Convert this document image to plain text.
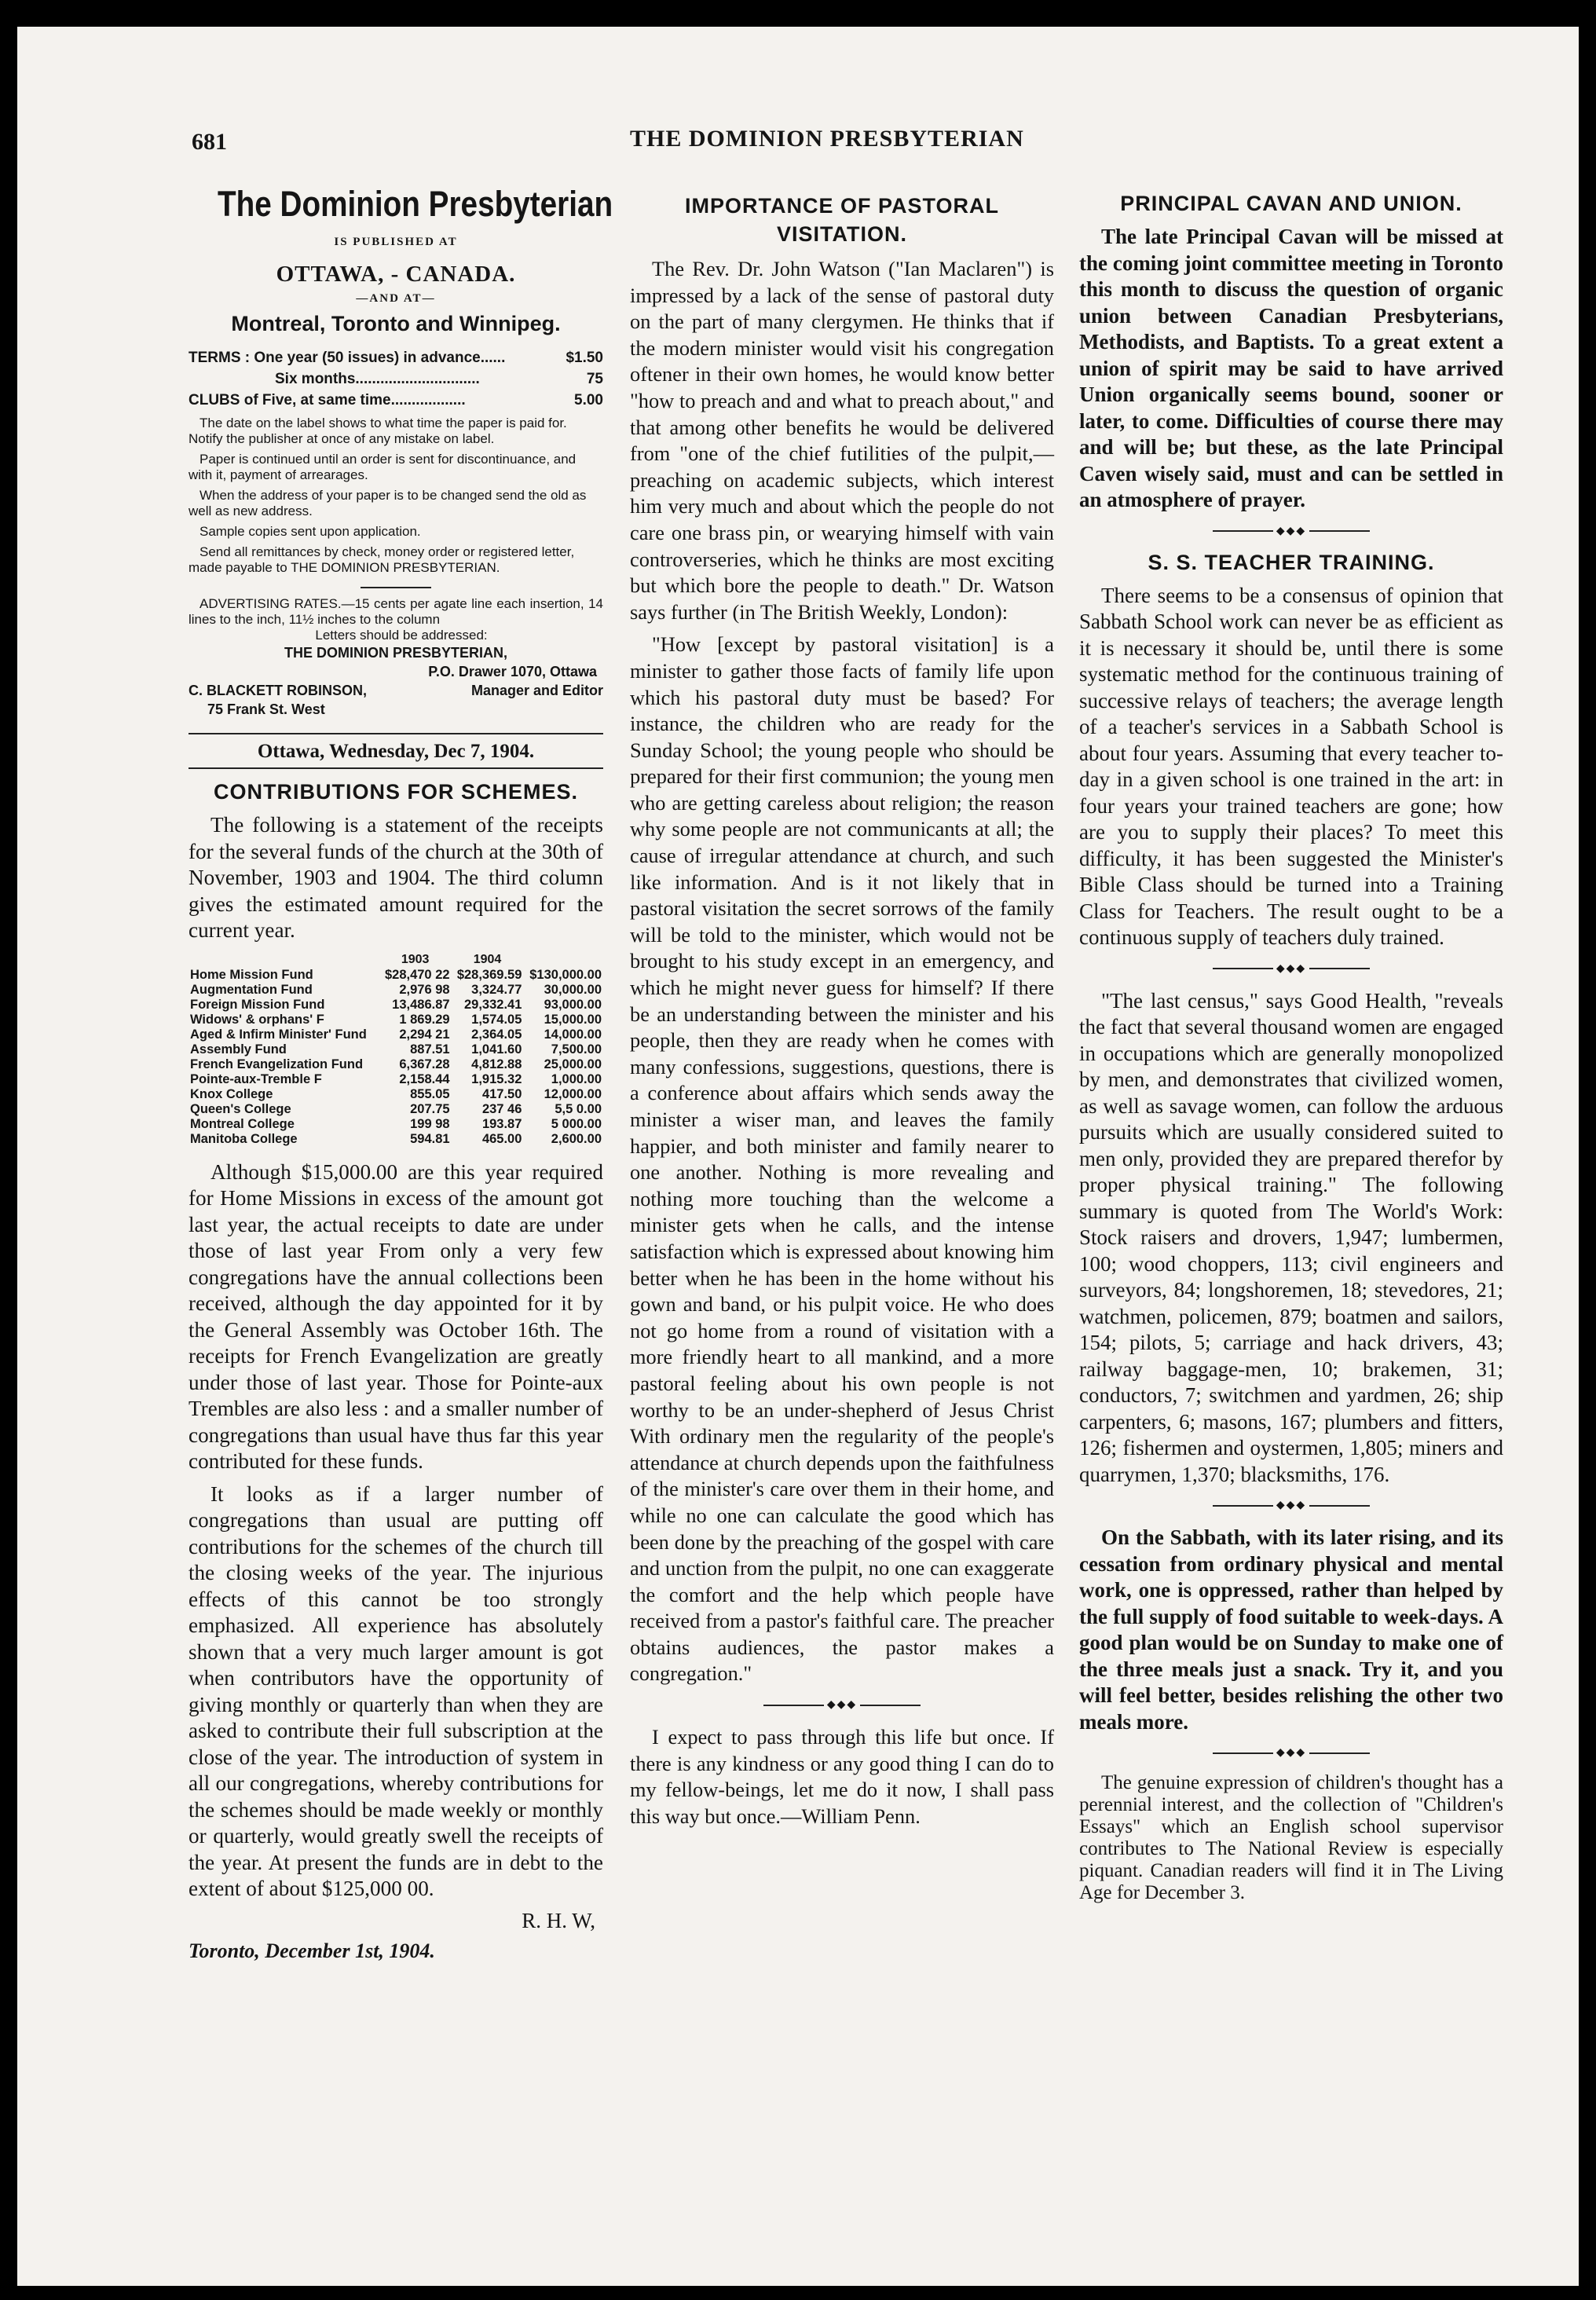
681	THE DOMINION PRESBYTERIAN
The Dominion Presbyterian
IS PUBLISHED AT
OTTAWA, - CANADA.
—AND AT—
Montreal, Toronto and Winnipeg.
TERMS : One year (50 issues) in advance......	$1.50
Six months..............................	75
CLUBS of Five, at same time..................	5.00
The date on the label shows to what time the paper is paid for. Notify the publisher at once of any mistake on label.
Paper is continued until an order is sent for discontinuance, and with it, payment of arrearages.
When the address of your paper is to be changed send the old as well as new address.
Sample copies sent upon application.
Send all remittances by check, money order or registered letter, made payable to THE DOMINION PRESBYTERIAN.
ADVERTISING RATES.—15 cents per agate line each insertion, 14 lines to the inch, 11½ inches to the column
Letters should be addressed:
THE DOMINION PRESBYTERIAN,
P.O. Drawer 1070, Ottawa
C. BLACKETT ROBINSON,	Manager and Editor
75 Frank St. West
Ottawa, Wednesday, Dec 7, 1904.
CONTRIBUTIONS FOR SCHEMES.

The following is a statement of the receipts for the several funds of the church at the 30th of November, 1903 and 1904. The third column gives the estimated amount required for the current year.

	1903	1904	
Home Mission Fund	$28,470 22	$28,369.59	$130,000.00
Augmentation Fund	2,976 98	3,324.77	30,000.00
Foreign Mission Fund	13,486.87	29,332.41	93,000.00
Widows' & orphans' F	1 869.29	1,574.05	15,000.00
Aged & Infirm Minister' Fund	2,294 21	2,364.05	14,000.00
Assembly Fund	887.51	1,041.60	7,500.00
French Evangelization Fund	6,367.28	4,812.88	25,000.00
Pointe-aux-Tremble F	2,158.44	1,915.32	1,000.00
Knox College	855.05	417.50	12,000.00
Queen's College	207.75	237 46	5,5 0.00
Montreal College	199 98	193.87	5 000.00
Manitoba College	594.81	465.00	2,600.00

Although $15,000.00 are this year required for Home Missions in excess of the amount got last year, the actual receipts to date are under those of last year From only a very few congregations have the annual collections been received, although the day appointed for it by the General Assembly was October 16th. The receipts for French Evangelization are greatly under those of last year. Those for Pointe-aux Trembles are also less : and a smaller number of congregations than usual have thus far this year contributed for these funds.

It looks as if a larger number of congregations than usual are putting off contributions for the schemes of the church till the closing weeks of the year. The injurious effects of this cannot be too strongly emphasized. All experience has absolutely shown that a very much larger amount is got when contributors have the opportunity of giving monthly or quarterly than when they are asked to contribute their full subscription at the close of the year. The introduction of system in all our congregations, whereby contributions for the schemes should be made weekly or monthly or quarterly, would greatly swell the receipts of the year. At present the funds are in debt to the extent of about $125,000 00.

R. H. W,
Toronto, December 1st, 1904.
IMPORTANCE OF PASTORAL
VISITATION.

The Rev. Dr. John Watson ("Ian Maclaren") is impressed by a lack of the sense of pastoral duty on the part of many clergymen. He thinks that if the modern minister would visit his congregation oftener in their own homes, he would know better "how to preach and and what to preach about," and that among other benefits he would be delivered from "one of the chief futilities of the pulpit,—preaching on academic subjects, which interest him very much and about which the people do not care one brass pin, or wearying himself with vain controverseries, which he thinks are most exciting but which bore the people to death." Dr. Watson says further (in The British Weekly, London):

"How [except by pastoral visitation] is a minister to gather those facts of family life upon which his pastoral duty must be based? For instance, the children who are ready for the Sunday School; the young people who should be prepared for their first communion; the young men who are getting careless about religion; the reason why some people are not communicants at all; the cause of irregular attendance at church, and such like information. And is it not likely that in pastoral visitation the secret sorrows of the family will be told to the minister, which would not be brought to his study except in an emergency, and which he might never guess for himself? If there be an understanding between the minister and his people, then they are ready when he comes with many confessions, suggestions, questions, there is a conference about affairs which sends away the minister a wiser man, and leaves the family happier, and both minister and family nearer to one another. Nothing is more revealing and nothing more touching than the welcome a minister gets when he calls, and the intense satisfaction which is expressed about knowing him better when he has been in the home without his gown and band, or his pulpit voice. He who does not go home from a round of visitation with a more friendly heart to all mankind, and a more pastoral feeling about his own people is not worthy to be an under-shepherd of Jesus Christ With ordinary men the regularity of the people's attendance at church depends upon the faithfulness of the minister's care over them in their home, and while no one can calculate the good which has been done by the preaching of the gospel with care and unction from the pulpit, no one can exaggerate the comfort and the help which people have received from a pastor's faithful care. The preacher obtains audiences, the pastor makes a congregation."

◆◆◆

I expect to pass through this life but once. If there is any kindness or any good thing I can do to my fellow-beings, let me do it now, I shall pass this way but once.—William Penn.

PRINCIPAL CAVAN AND UNION.

The late Principal Cavan will be missed at the coming joint committee meeting in Toronto this month to discuss the question of organic union between Canadian Presbyterians, Methodists, and Baptists. To a great extent a union of spirit may be said to have arrived Union organically seems bound, sooner or later, to come. Difficulties of course there may and will be; but these, as the late Principal Caven wisely said, must and can be settled in an atmosphere of prayer.

◆◆◆
S. S. TEACHER TRAINING.

There seems to be a consensus of opinion that Sabbath School work can never be as efficient as it is necessary it should be, until there is some systematic method for the continuous training of successive relays of teachers; the average length of a teacher's services in a Sabbath School is about four years. Assuming that every teacher to-day in a given school is one trained in the art: in four years your trained teachers are gone; how are you to supply their places? To meet this difficulty, it has been suggested the Minister's Bible Class should be turned into a Training Class for Teachers. The result ought to be a continuous supply of teachers duly trained.

◆◆◆

"The last census," says Good Health, "reveals the fact that several thousand women are engaged in occupations which are generally monopolized by men, and demonstrates that civilized women, as well as savage women, can follow the arduous pursuits which are usually considered suited to men only, provided they are prepared therefor by proper physical training." The following summary is quoted from The World's Work: Stock raisers and drovers, 1,947; lumbermen, 100; wood choppers, 113; civil engineers and surveyors, 84; longshoremen, 18; stevedores, 21; watchmen, policemen, 879; boatmen and sailors, 154; pilots, 5; carriage and hack drivers, 43; railway baggage-men, 10; brakemen, 31; conductors, 7; switchmen and yardmen, 26; ship carpenters, 6; masons, 167; plumbers and fitters, 126; fishermen and oystermen, 1,805; miners and quarrymen, 1,370; blacksmiths, 176.

◆◆◆

On the Sabbath, with its later rising, and its cessation from ordinary physical and mental work, one is oppressed, rather than helped by the full supply of food suitable to week-days. A good plan would be on Sunday to make one of the three meals just a snack. Try it, and you will feel better, besides relishing the other two meals more.

◆◆◆

The genuine expression of children's thought has a perennial interest, and the collection of "Children's Essays" which an English school supervisor contributes to The National Review is especially piquant. Canadian readers will find it in The Living Age for December 3.
